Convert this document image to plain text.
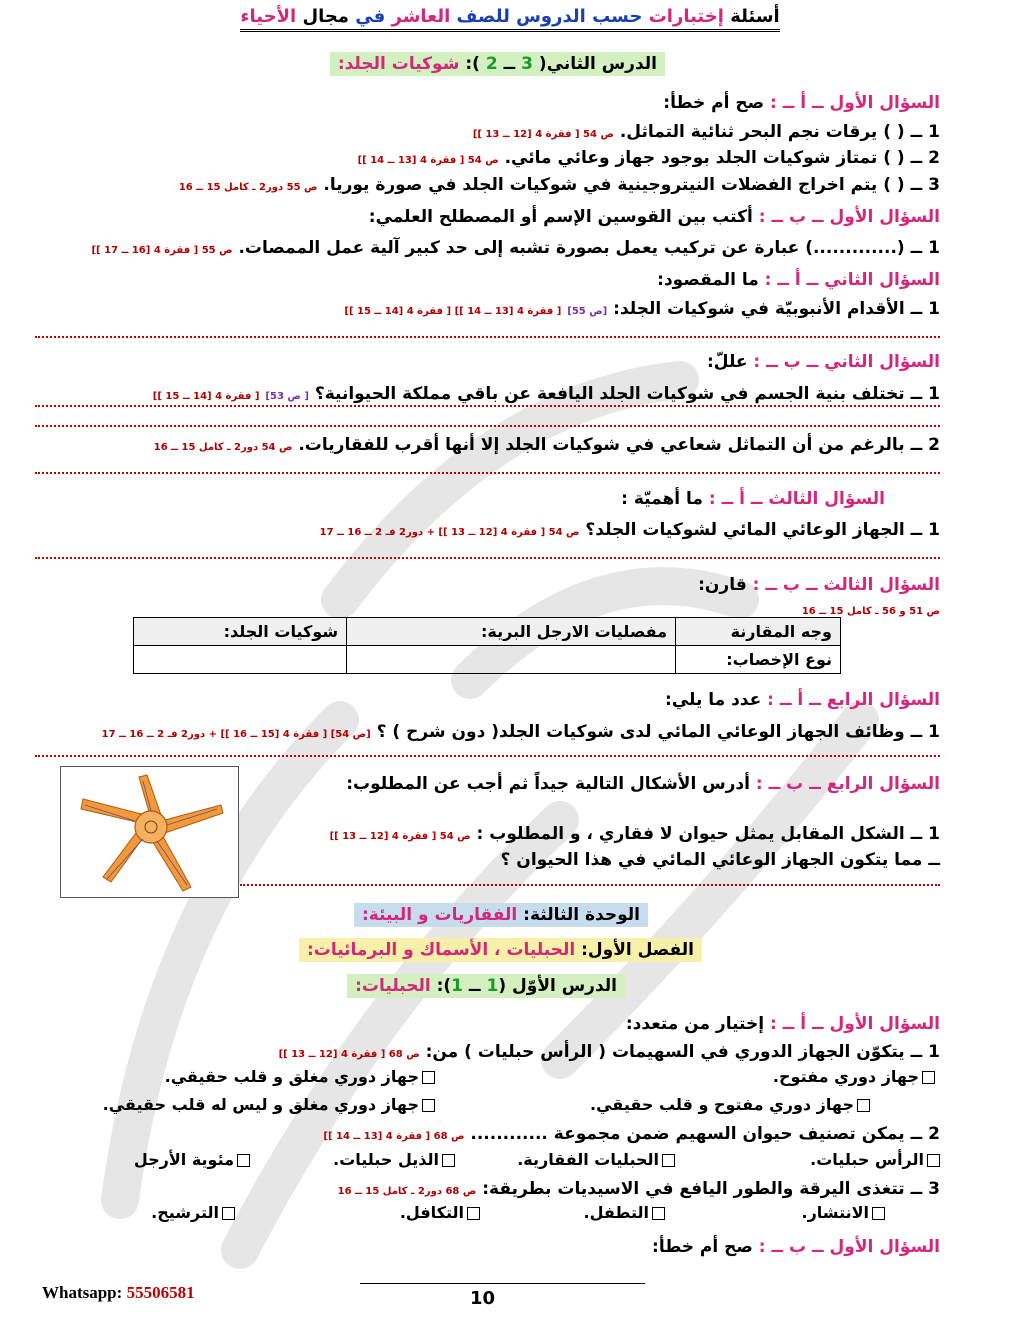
أسئلة إختبارات حسب الدروس للصف العاشر في مجال الأحياء
الدرس الثاني( 3 ــ 2 ): شوكيات الجلد:
السؤال الأول ــ أ ــ : صح أم خطأ:
1 ــ ( ) يرقات نجم البحر ثنائية التماثل. ص 54 [ فقرة 4 [12 ــ 13 ]]
2 ــ ( ) تمتاز شوكيات الجلد بوجود جهاز وعائي مائي. ص 54 [ فقرة 4 [13 ــ 14 ]]
3 ــ ( ) يتم اخراج الفضلات النيتروجينية في شوكيات الجلد في صورة يوريا. ص 55 دور2 ـ كامل 15 ــ 16
السؤال الأول ــ ب ــ : أكتب بين القوسين الإسم أو المصطلح العلمي:
1 ــ (.............) عبارة عن تركيب يعمل بصورة تشبه إلى حد كبير آلية عمل الممصات. ص 55 [ فقرة 4 [16 ــ 17 ]]
السؤال الثاني ــ أ ــ : ما المقصود:
1 ــ الأقدام الأنبوبيّة في شوكيات الجلد: [ص 55] [ فقرة 4 [13 ــ 14 ]] [ فقرة 4 [14 ــ 15 ]]
السؤال الثاني ــ ب ــ : عللّ:
1 ــ تختلف بنية الجسم في شوكيات الجلد اليافعة عن باقي مملكة الحيوانية؟ [ ص 53] [ فقرة 4 [14 ــ 15 ]]
2 ــ بالرغم من أن التماثل شعاعي في شوكيات الجلد إلا أنها أقرب للفقاريات. ص 54 دور2 ـ كامل 15 ــ 16
السؤال الثالث ــ أ ــ : ما أهميّة :
1 ــ الجهاز الوعائي المائي لشوكيات الجلد؟ ص 54 [ فقرة 4 [12 ــ 13 ]] + دور2 فـ 2 ــ 16 ــ 17
السؤال الثالث ــ ب ــ : قارن:
ص 51 و 56 ـ كامل 15 ــ 16
وجه المقارنة	مفصليات الارجل البرية:	شوكيات الجلد:
نوع الإخصاب:		
السؤال الرابع ــ أ ــ : عدد ما يلي:
1 ــ وظائف الجهاز الوعائي المائي لدى شوكيات الجلد( دون شرح ) ؟ [ص 54] [ فقرة 4 [15 ــ 16 ]] + دور2 فـ 2 ــ 16 ــ 17
السؤال الرابع ــ ب ــ : أدرس الأشكال التالية جيداً ثم أجب عن المطلوب:
1 ــ الشكل المقابل يمثل حيوان لا فقاري ، و المطلوب : ص 54 [ فقرة 4 [12 ــ 13 ]]
ــ مما يتكون الجهاز الوعائي المائي في هذا الحيوان ؟
الوحدة الثالثة: الفقاريات و البيئة:
الفصل الأول: الحبليات ، الأسماك و البرمائيات:
الدرس الأوّل (1 ــ 1): الحبليات:
السؤال الأول ــ أ ــ : إختيار من متعدد:
1 ــ يتكوّن الجهاز الدوري في السهيمات ( الرأس حبليات ) من: ص 68 [ فقرة 4 [12 ــ 13 ]]
جهاز دوري مفتوح.
جهاز دوري مغلق و قلب حقيقي.
جهاز دوري مفتوح و قلب حقيقي.
جهاز دوري مغلق و ليس له قلب حقيقي.
2 ــ يمكن تصنيف حيوان السهيم ضمن مجموعة ............ ص 68 [ فقرة 4 [13 ــ 14 ]]
الرأس حبليات.
الحبليات الفقارية.
الذيل حبليات.
مئوية الأرجل
3 ــ تتغذى اليرقة والطور اليافع في الاسيديات بطريقة: ص 68 دور2 ـ كامل 15 ــ 16
الانتشار.
التطفل.
التكافل.
الترشيح.
السؤال الأول ــ ب ــ : صح أم خطأ:
10
Whatsapp: 55506581
